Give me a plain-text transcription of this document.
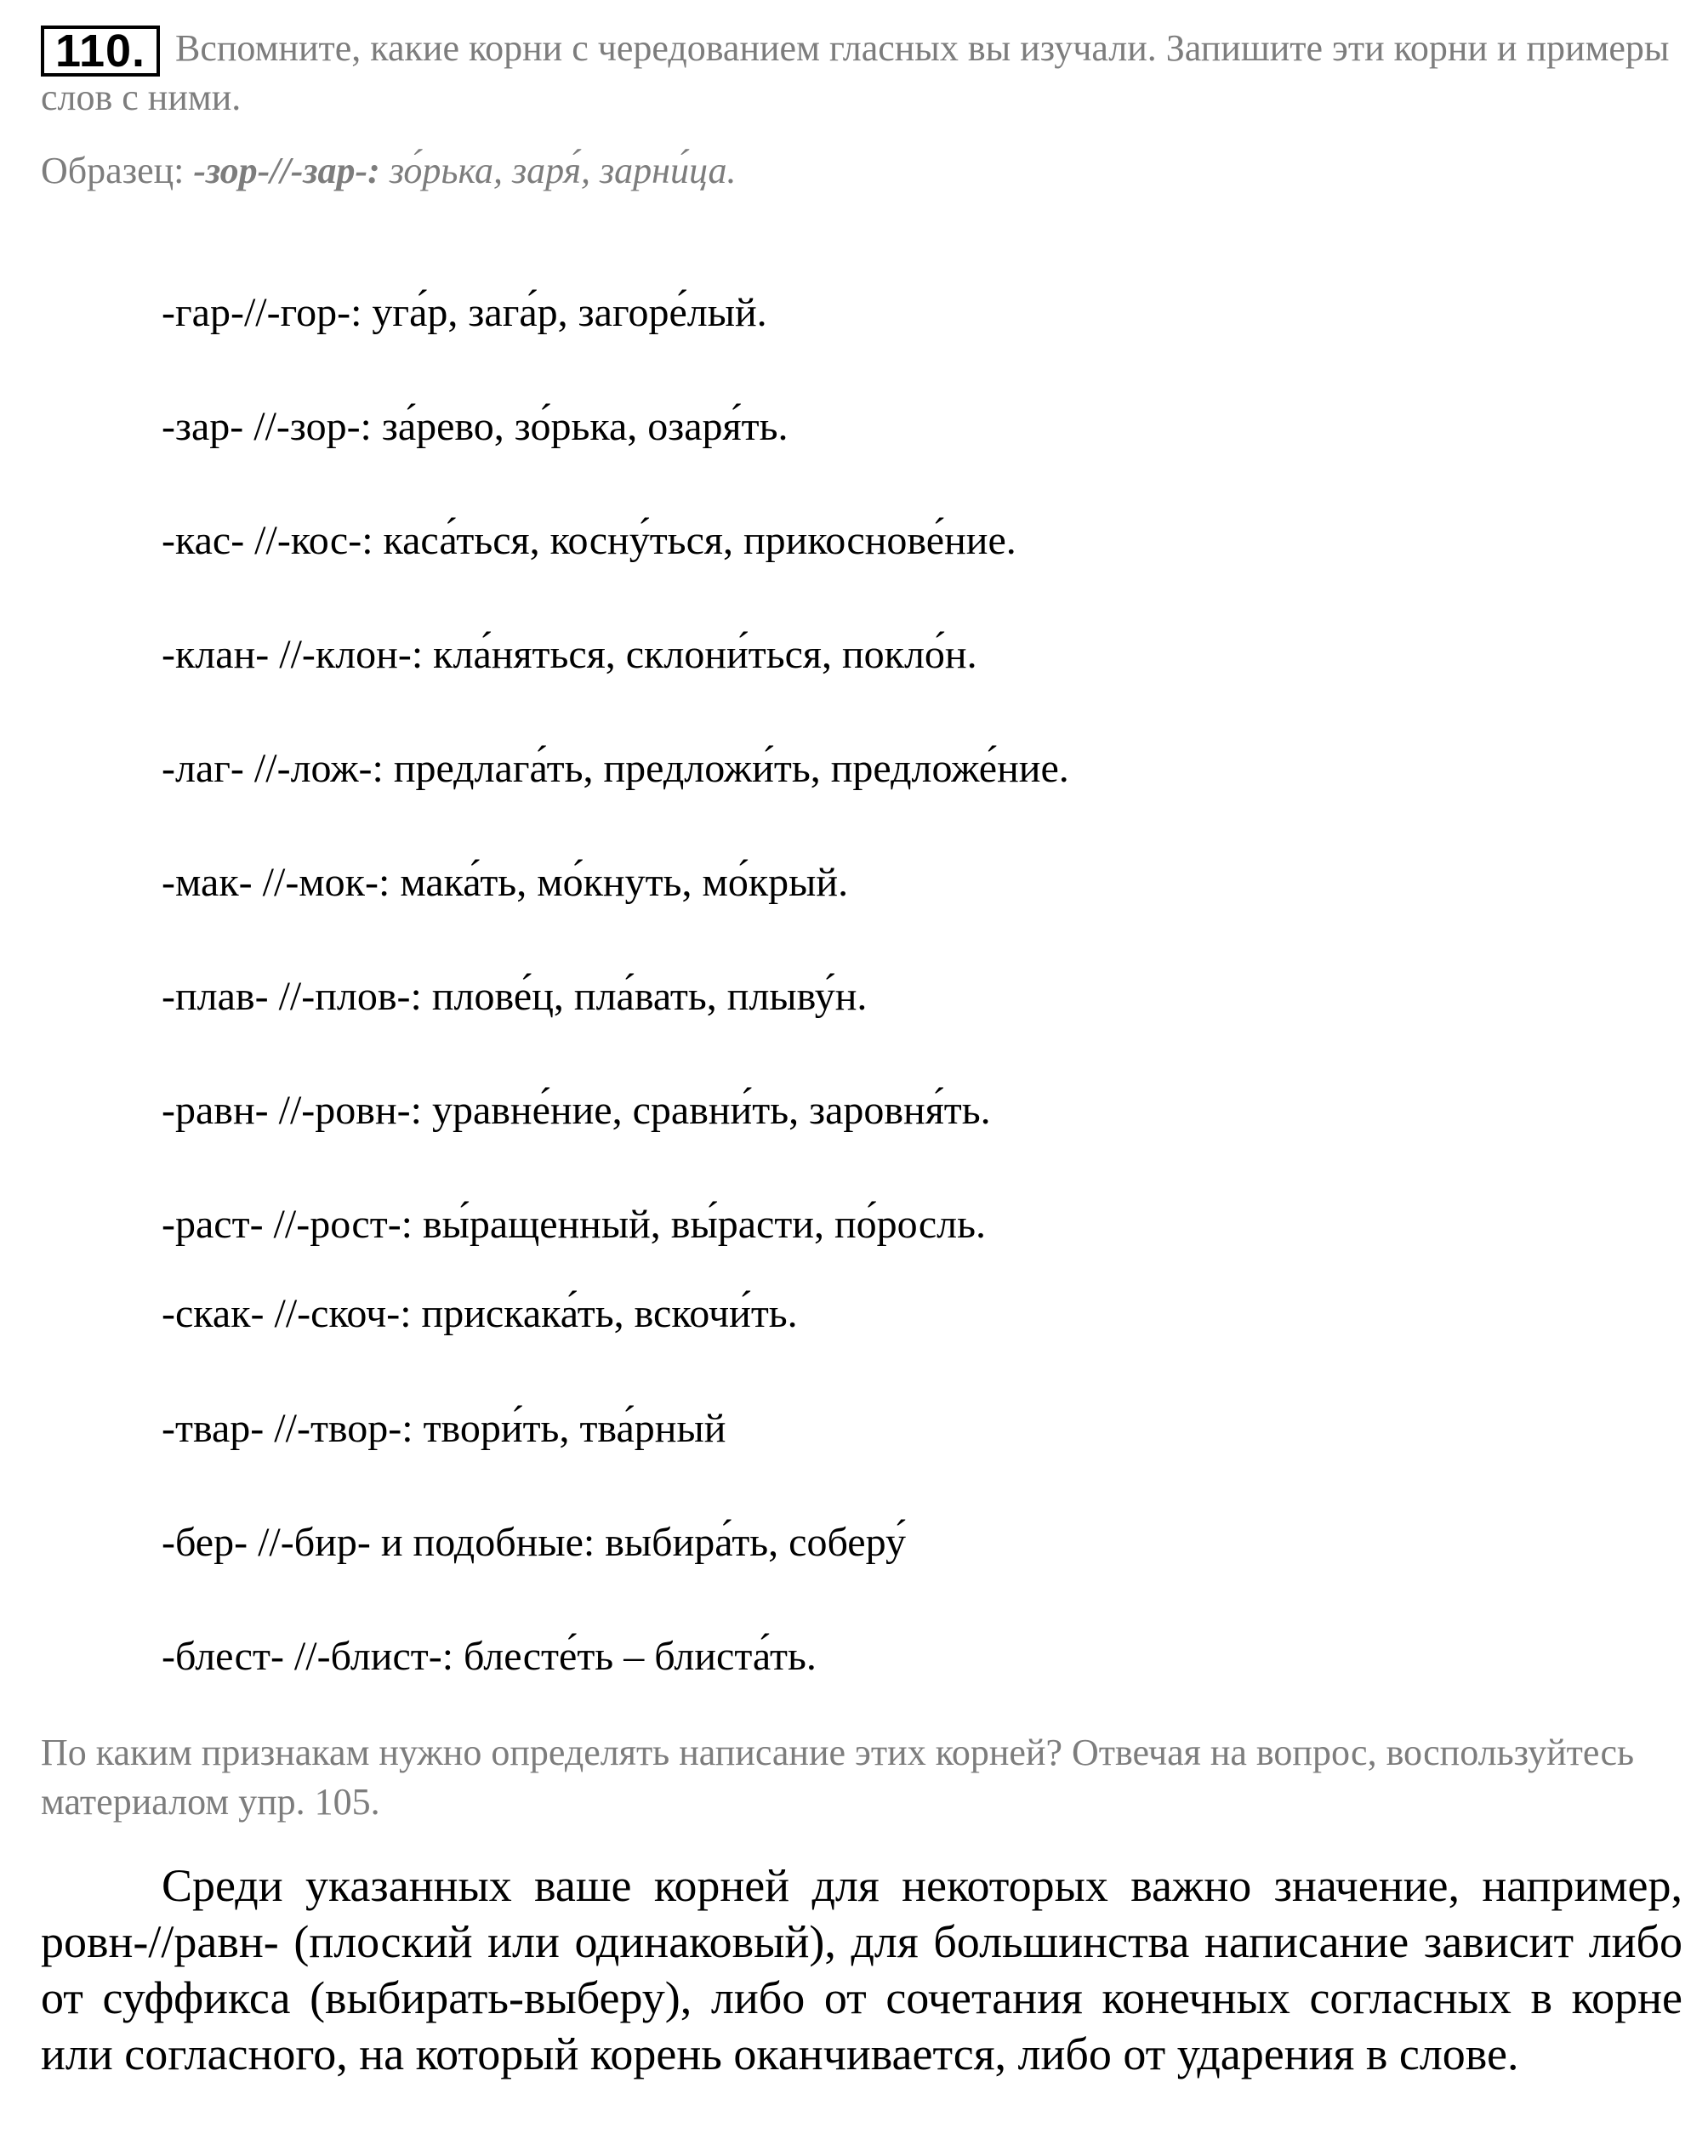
110. Вспомните, какие корни с чередованием гласных вы изучали. Запишите эти корни и примеры слов с ними.
Образец: -зор-//-зар-: зо́рька, заря́, зарни́ца.
-гар-//-гор-: уга́р, зага́р, загоре́лый.
-зар- //-зор-: за́рево, зо́рька, озаря́ть.
-кас- //-кос-: каса́ться, косну́ться, прикоснове́ние.
-клан- //-клон-: кла́няться, склони́ться, покло́н.
-лаг- //-лож-: предлага́ть, предложи́ть, предложе́ние.
-мак- //-мок-: мака́ть, мо́кнуть, мо́крый.
-плав- //-плов-: плове́ц, пла́вать, плыву́н.
-равн- //-ровн-: уравне́ние, сравни́ть, заровня́ть.
-раст- //-рост-: вы́ращенный, вы́расти, по́росль.
-скак- //-скоч-: прискака́ть, вскочи́ть.
-твар- //-твор-: твори́ть, тва́рный
-бер- //-бир- и подобные: выбира́ть, соберу́
-блест- //-блист-: блесте́ть – блиста́ть.
По каким признакам нужно определять написание этих корней? Отвечая на вопрос, воспользуйтесь материалом упр. 105.
Среди указанных ваше корней для некоторых важно значение, например, ровн-//равн- (плоский или одинаковый), для большинства написание зависит либо от суффикса (выбирать-выберу), либо от сочетания конечных согласных в корне или согласного, на который корень оканчивается, либо от ударения в слове.
